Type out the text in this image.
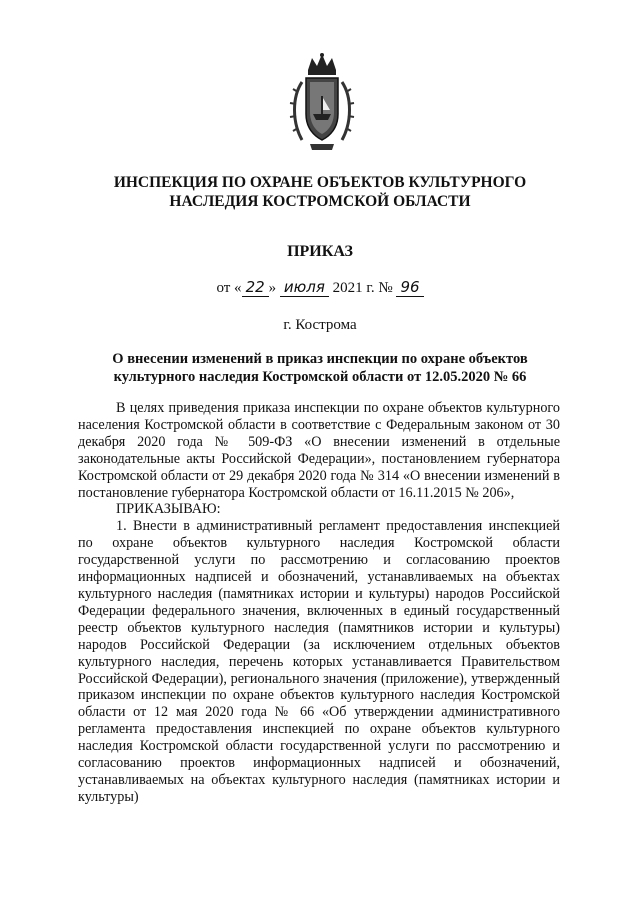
ИНСПЕКЦИЯ ПО ОХРАНЕ ОБЪЕКТОВ КУЛЬТУРНОГО
НАСЛЕДИЯ КОСТРОМСКОЙ ОБЛАСТИ
ПРИКАЗ
от « 22 » июля 2021 г. № 96
г. Кострома
О внесении изменений в приказ инспекции по охране объектов
культурного наследия Костромской области от 12.05.2020 № 66

В целях приведения приказа инспекции по охране объектов культурного населения Костромской области в соответствие с Федеральным законом от 30 декабря 2020 года № 509-ФЗ «О внесении изменений в отдельные законодательные акты Российской Федерации», постановлением губернатора Костромской области от 29 декабря 2020 года № 314 «О внесении изменений в постановление губернатора Костромской области от 16.11.2015 № 206»,

ПРИКАЗЫВАЮ:

1. Внести в административный регламент предоставления инспекцией по охране объектов культурного наследия Костромской области государственной услуги по рассмотрению и согласованию проектов информационных надписей и обозначений, устанавливаемых на объектах культурного наследия (памятниках истории и культуры) народов Российской Федерации федерального значения, включенных в единый государственный реестр объектов культурного наследия (памятников истории и культуры) народов Российской Федерации (за исключением отдельных объектов культурного наследия, перечень которых устанавливается Правительством Российской Федерации), регионального значения (приложение), утвержденный приказом инспекции по охране объектов культурного наследия Костромской области от 12 мая 2020 года № 66 «Об утверждении административного регламента предоставления инспекцией по охране объектов культурного наследия Костромской области государственной услуги по рассмотрению и согласованию проектов информационных надписей и обозначений, устанавливаемых на объектах культурного наследия (памятниках истории и культуры)
